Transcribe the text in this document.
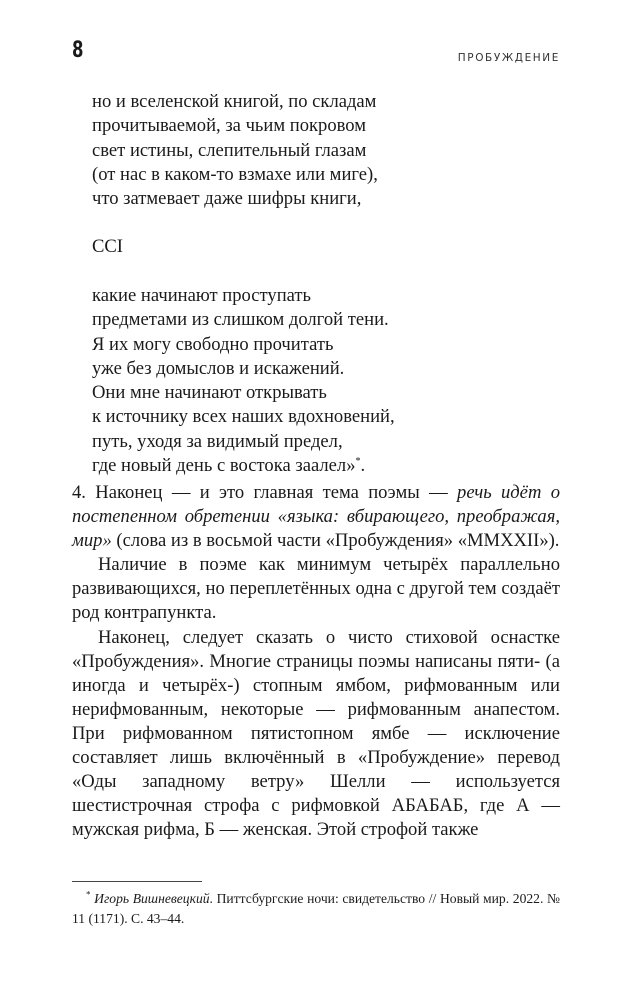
8	ПРОБУЖДЕНИЕ
но и вселенской книгой, по складам
прочитываемой, за чьим покровом
свет истины, слепительный глазам
(от нас в каком-то взмахе или миге),
что затмевает даже шифры книги,
CCI
какие начинают проступать
предметами из слишком долгой тени.
Я их могу свободно прочитать
уже без домыслов и искажений.
Они мне начинают открывать
к источнику всех наших вдохновений,
путь, уходя за видимый предел,
где новый день с востока заалел»*.

4. Наконец — и это главная тема поэмы — речь идёт о постепенном обретении «языка: вбирающего, преображая, мир» (слова из в восьмой части «Пробуждения» «MMXXII»).

Наличие в поэме как минимум четырёх параллельно развивающихся, но переплетённых одна с другой тем создаёт род контрапункта.

Наконец, следует сказать о чисто стиховой оснастке «Пробуждения». Многие страницы поэмы написаны пяти- (а иногда и четырёх-) стопным ямбом, рифмованным или нерифмованным, некоторые — рифмованным анапестом. При рифмованном пятистопном ямбе — исключение составляет лишь включённый в «Пробуждение» перевод «Оды западному ветру» Шелли — используется шестистрочная строфа с рифмовкой АБАБАБ, где А — мужская рифма, Б — женская. Этой строфой также

* Игорь Вишневецкий. Питтсбургские ночи: свидетельство // Новый мир. 2022. № 11 (1171). С. 43–44.
